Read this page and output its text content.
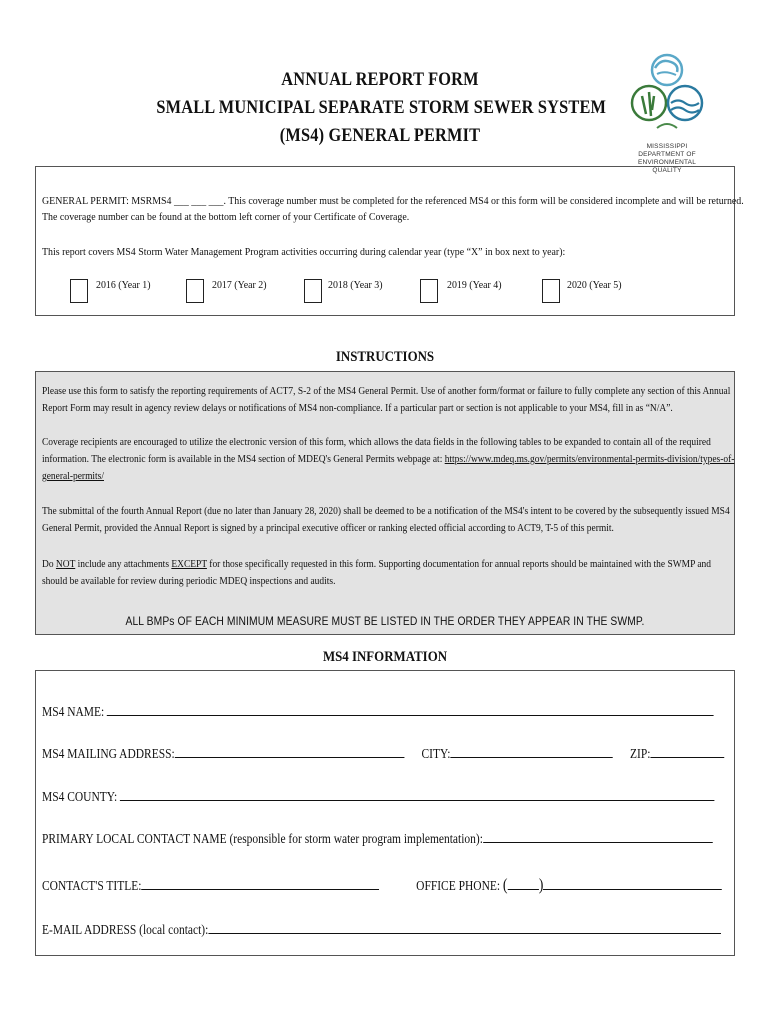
ANNUAL REPORT FORM
SMALL MUNICIPAL SEPARATE STORM SEWER SYSTEM
(MS4) GENERAL PERMIT
MISSISSIPPI DEPARTMENT OF
ENVIRONMENTAL QUALITY
GENERAL PERMIT: MSRMS4 ___ ___ ___. This coverage number must be completed for the referenced MS4 or this form will be considered incomplete and will be returned.
The coverage number can be found at the bottom left corner of your Certificate of Coverage.
This report covers MS4 Storm Water Management Program activities occurring during calendar year (type “X” in box next to year):
2016 (Year 1)	2017 (Year 2)	2018 (Year 3)	2019 (Year 4)	2020 (Year 5)
INSTRUCTIONS
Please use this form to satisfy the reporting requirements of ACT7, S-2 of the MS4 General Permit. Use of another form/format or failure to fully complete any section of this Annual
Report Form may result in agency review delays or notifications of MS4 non-compliance. If a particular part or section is not applicable to your MS4, fill in as “N/A”.
Coverage recipients are encouraged to utilize the electronic version of this form, which allows the data fields in the following tables to be expanded to contain all of the required
information. The electronic form is available in the MS4 section of MDEQ's General Permits webpage at: https://www.mdeq.ms.gov/permits/environmental-permits-division/types-of-
general-permits/
The submittal of the fourth Annual Report (due no later than January 28, 2020) shall be deemed to be a notification of the MS4's intent to be covered by the subsequently issued MS4
General Permit, provided the Annual Report is signed by a principal executive officer or ranking elected official according to ACT9, T-5 of this permit.
Do NOT include any attachments EXCEPT for those specifically requested in this form. Supporting documentation for annual reports should be maintained with the SWMP and
should be available for review during periodic MDEQ inspections and audits.
ALL BMPs OF EACH MINIMUM MEASURE MUST BE LISTED IN THE ORDER THEY APPEAR IN THE SWMP.
MS4 INFORMATION
MS4 NAME:
MS4 MAILING ADDRESS:	CITY:	ZIP:
MS4 COUNTY:
PRIMARY LOCAL CONTACT NAME (responsible for storm water program implementation):
CONTACT'S TITLE:	OFFICE PHONE: ( )
E-MAIL ADDRESS (local contact):
